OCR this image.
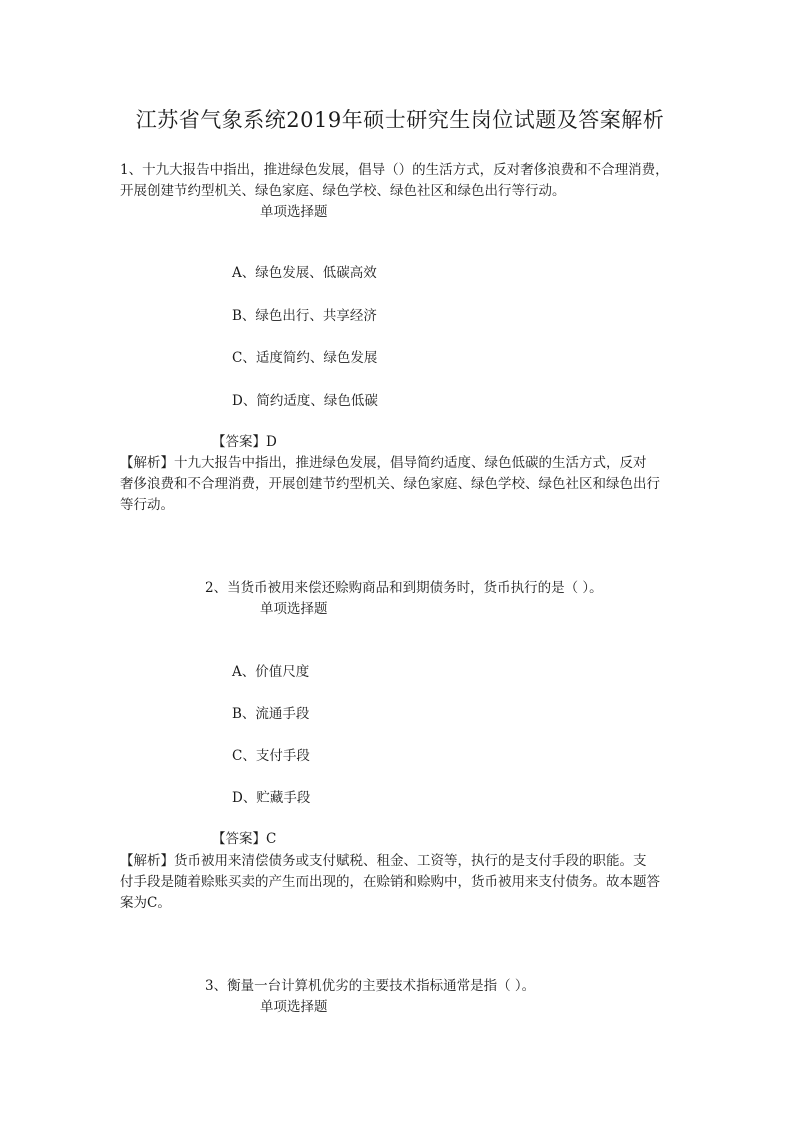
江苏省气象系统2019年硕士研究生岗位试题及答案解析

1、十九大报告中指出，推进绿色发展，倡导（）的生活方式，反对奢侈浪费和不合理消费，

开展创建节约型机关、绿色家庭、绿色学校、绿色社区和绿色出行等行动。

单项选择题

A、绿色发展、低碳高效

B、绿色出行、共享经济

C、适度简约、绿色发展

D、简约适度、绿色低碳

【答案】D

【解析】十九大报告中指出，推进绿色发展，倡导简约适度、绿色低碳的生活方式，反对

奢侈浪费和不合理消费，开展创建节约型机关、绿色家庭、绿色学校、绿色社区和绿色出行

等行动。

2、当货币被用来偿还赊购商品和到期债务时，货币执行的是（ ）。

单项选择题

A、价值尺度

B、流通手段

C、支付手段

D、贮藏手段

【答案】C

【解析】货币被用来清偿债务或支付赋税、租金、工资等，执行的是支付手段的职能。支

付手段是随着赊账买卖的产生而出现的，在赊销和赊购中，货币被用来支付债务。故本题答

案为C。

3、衡量一台计算机优劣的主要技术指标通常是指（ ）。

单项选择题
